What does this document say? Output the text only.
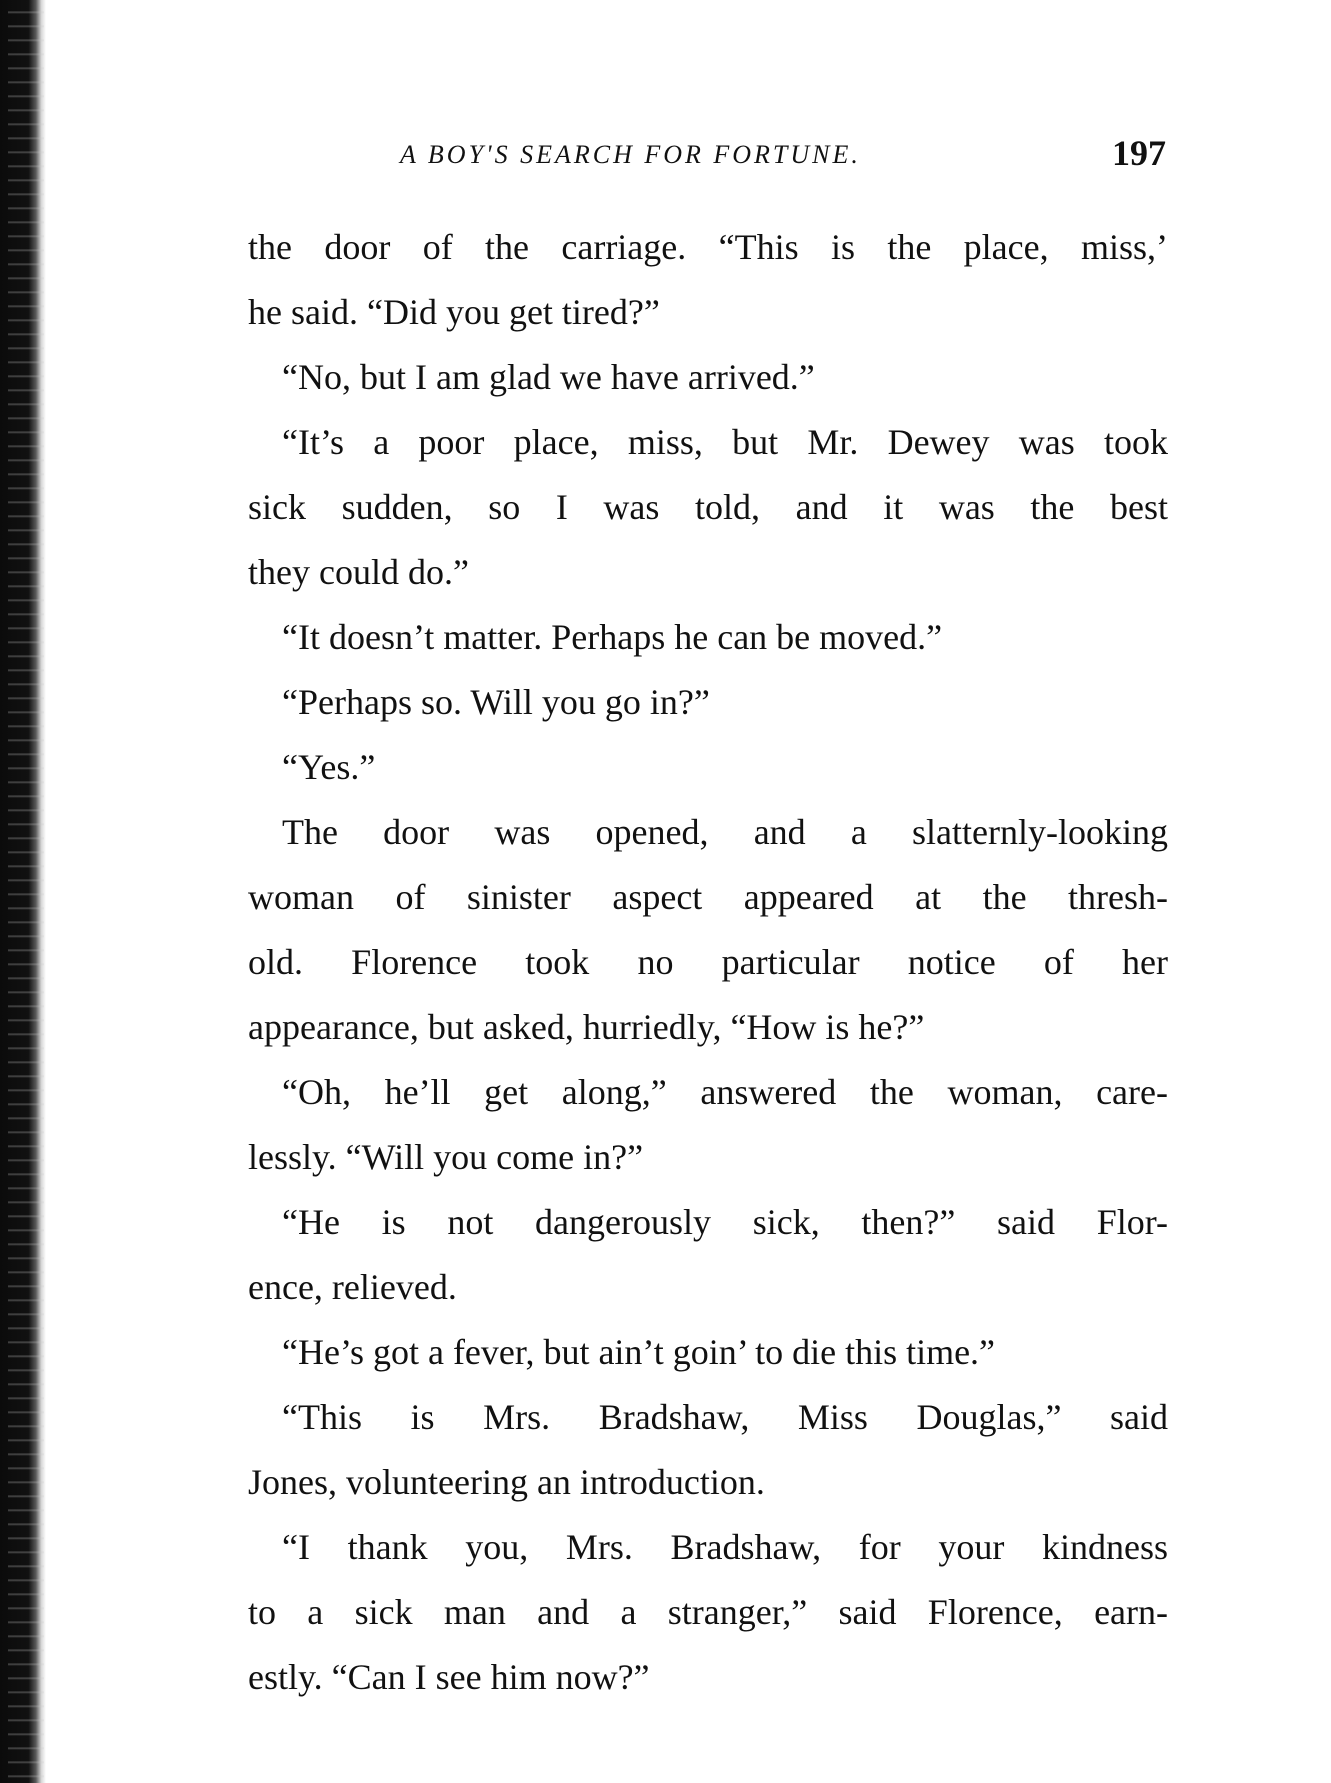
A BOY'S SEARCH FOR FORTUNE.	197
the door of the carriage. “This is the place, miss,’
he said. “Did you get tired?”
“No, but I am glad we have arrived.”
“It’s a poor place, miss, but Mr. Dewey was took
sick sudden, so I was told, and it was the best
they could do.”
“It doesn’t matter. Perhaps he can be moved.”
“Perhaps so. Will you go in?”
“Yes.”
The door was opened, and a slatternly-looking
woman of sinister aspect appeared at the thresh-
old. Florence took no particular notice of her
appearance, but asked, hurriedly, “How is he?”
“Oh, he’ll get along,” answered the woman, care-
lessly. “Will you come in?”
“He is not dangerously sick, then?” said Flor-
ence, relieved.
“He’s got a fever, but ain’t goin’ to die this time.”
“This is Mrs. Bradshaw, Miss Douglas,” said
Jones, volunteering an introduction.
“I thank you, Mrs. Bradshaw, for your kindness
to a sick man and a stranger,” said Florence, earn-
estly. “Can I see him now?”
